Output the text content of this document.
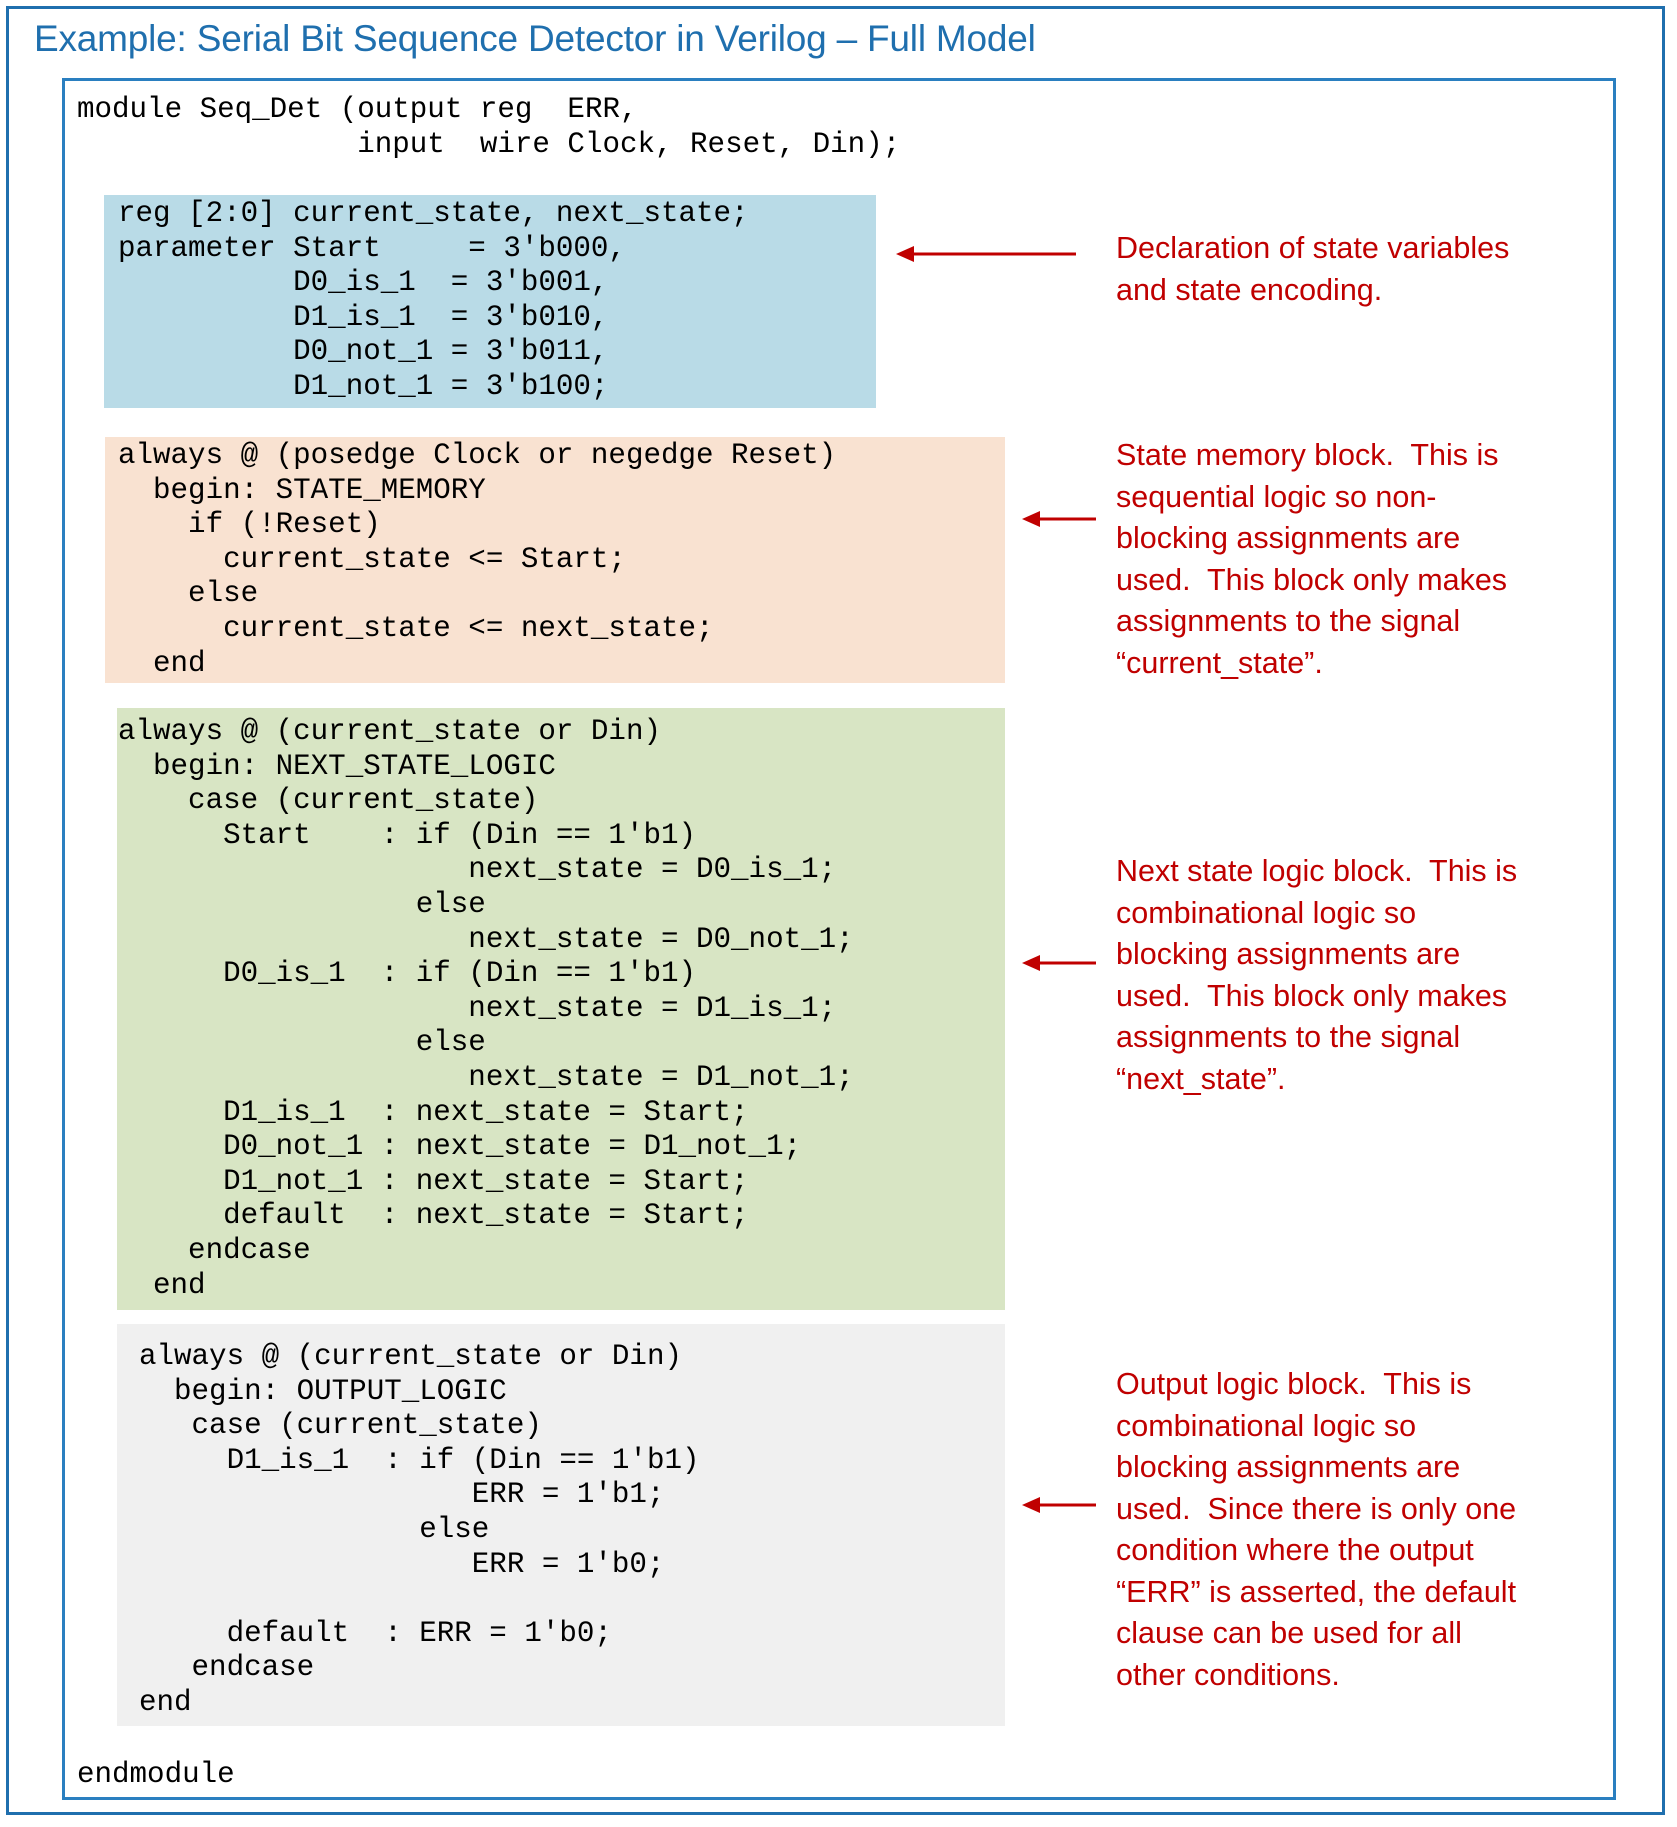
Example: Serial Bit Sequence Detector in Verilog – Full Model
module Seq_Det (output reg  ERR,
input  wire Clock, Reset, Din);
reg [2:0] current_state, next_state;
parameter Start     = 3'b000,
D0_is_1  = 3'b001,
D1_is_1  = 3'b010,
D0_not_1 = 3'b011,
D1_not_1 = 3'b100;
always @ (posedge Clock or negedge Reset)
begin: STATE_MEMORY
if (!Reset)
current_state <= Start;
else
current_state <= next_state;
end
always @ (current_state or Din)
begin: NEXT_STATE_LOGIC
case (current_state)
Start    : if (Din == 1'b1)
next_state = D0_is_1;
else
next_state = D0_not_1;
D0_is_1  : if (Din == 1'b1)
next_state = D1_is_1;
else
next_state = D1_not_1;
D1_is_1  : next_state = Start;
D0_not_1 : next_state = D1_not_1;
D1_not_1 : next_state = Start;
default  : next_state = Start;
endcase
end
always @ (current_state or Din)
begin: OUTPUT_LOGIC
case (current_state)
D1_is_1  : if (Din == 1'b1)
ERR = 1'b1;
else
ERR = 1'b0;

default  : ERR = 1'b0;
endcase
end
endmodule
Declaration of state variables
and state encoding.
State memory block.  This is
sequential logic so non-
blocking assignments are
used.  This block only makes
assignments to the signal
“current_state”.
Next state logic block.  This is
combinational logic so
blocking assignments are
used.  This block only makes
assignments to the signal
“next_state”.
Output logic block.  This is
combinational logic so
blocking assignments are
used.  Since there is only one
condition where the output
“ERR” is asserted, the default
clause can be used for all
other conditions.
